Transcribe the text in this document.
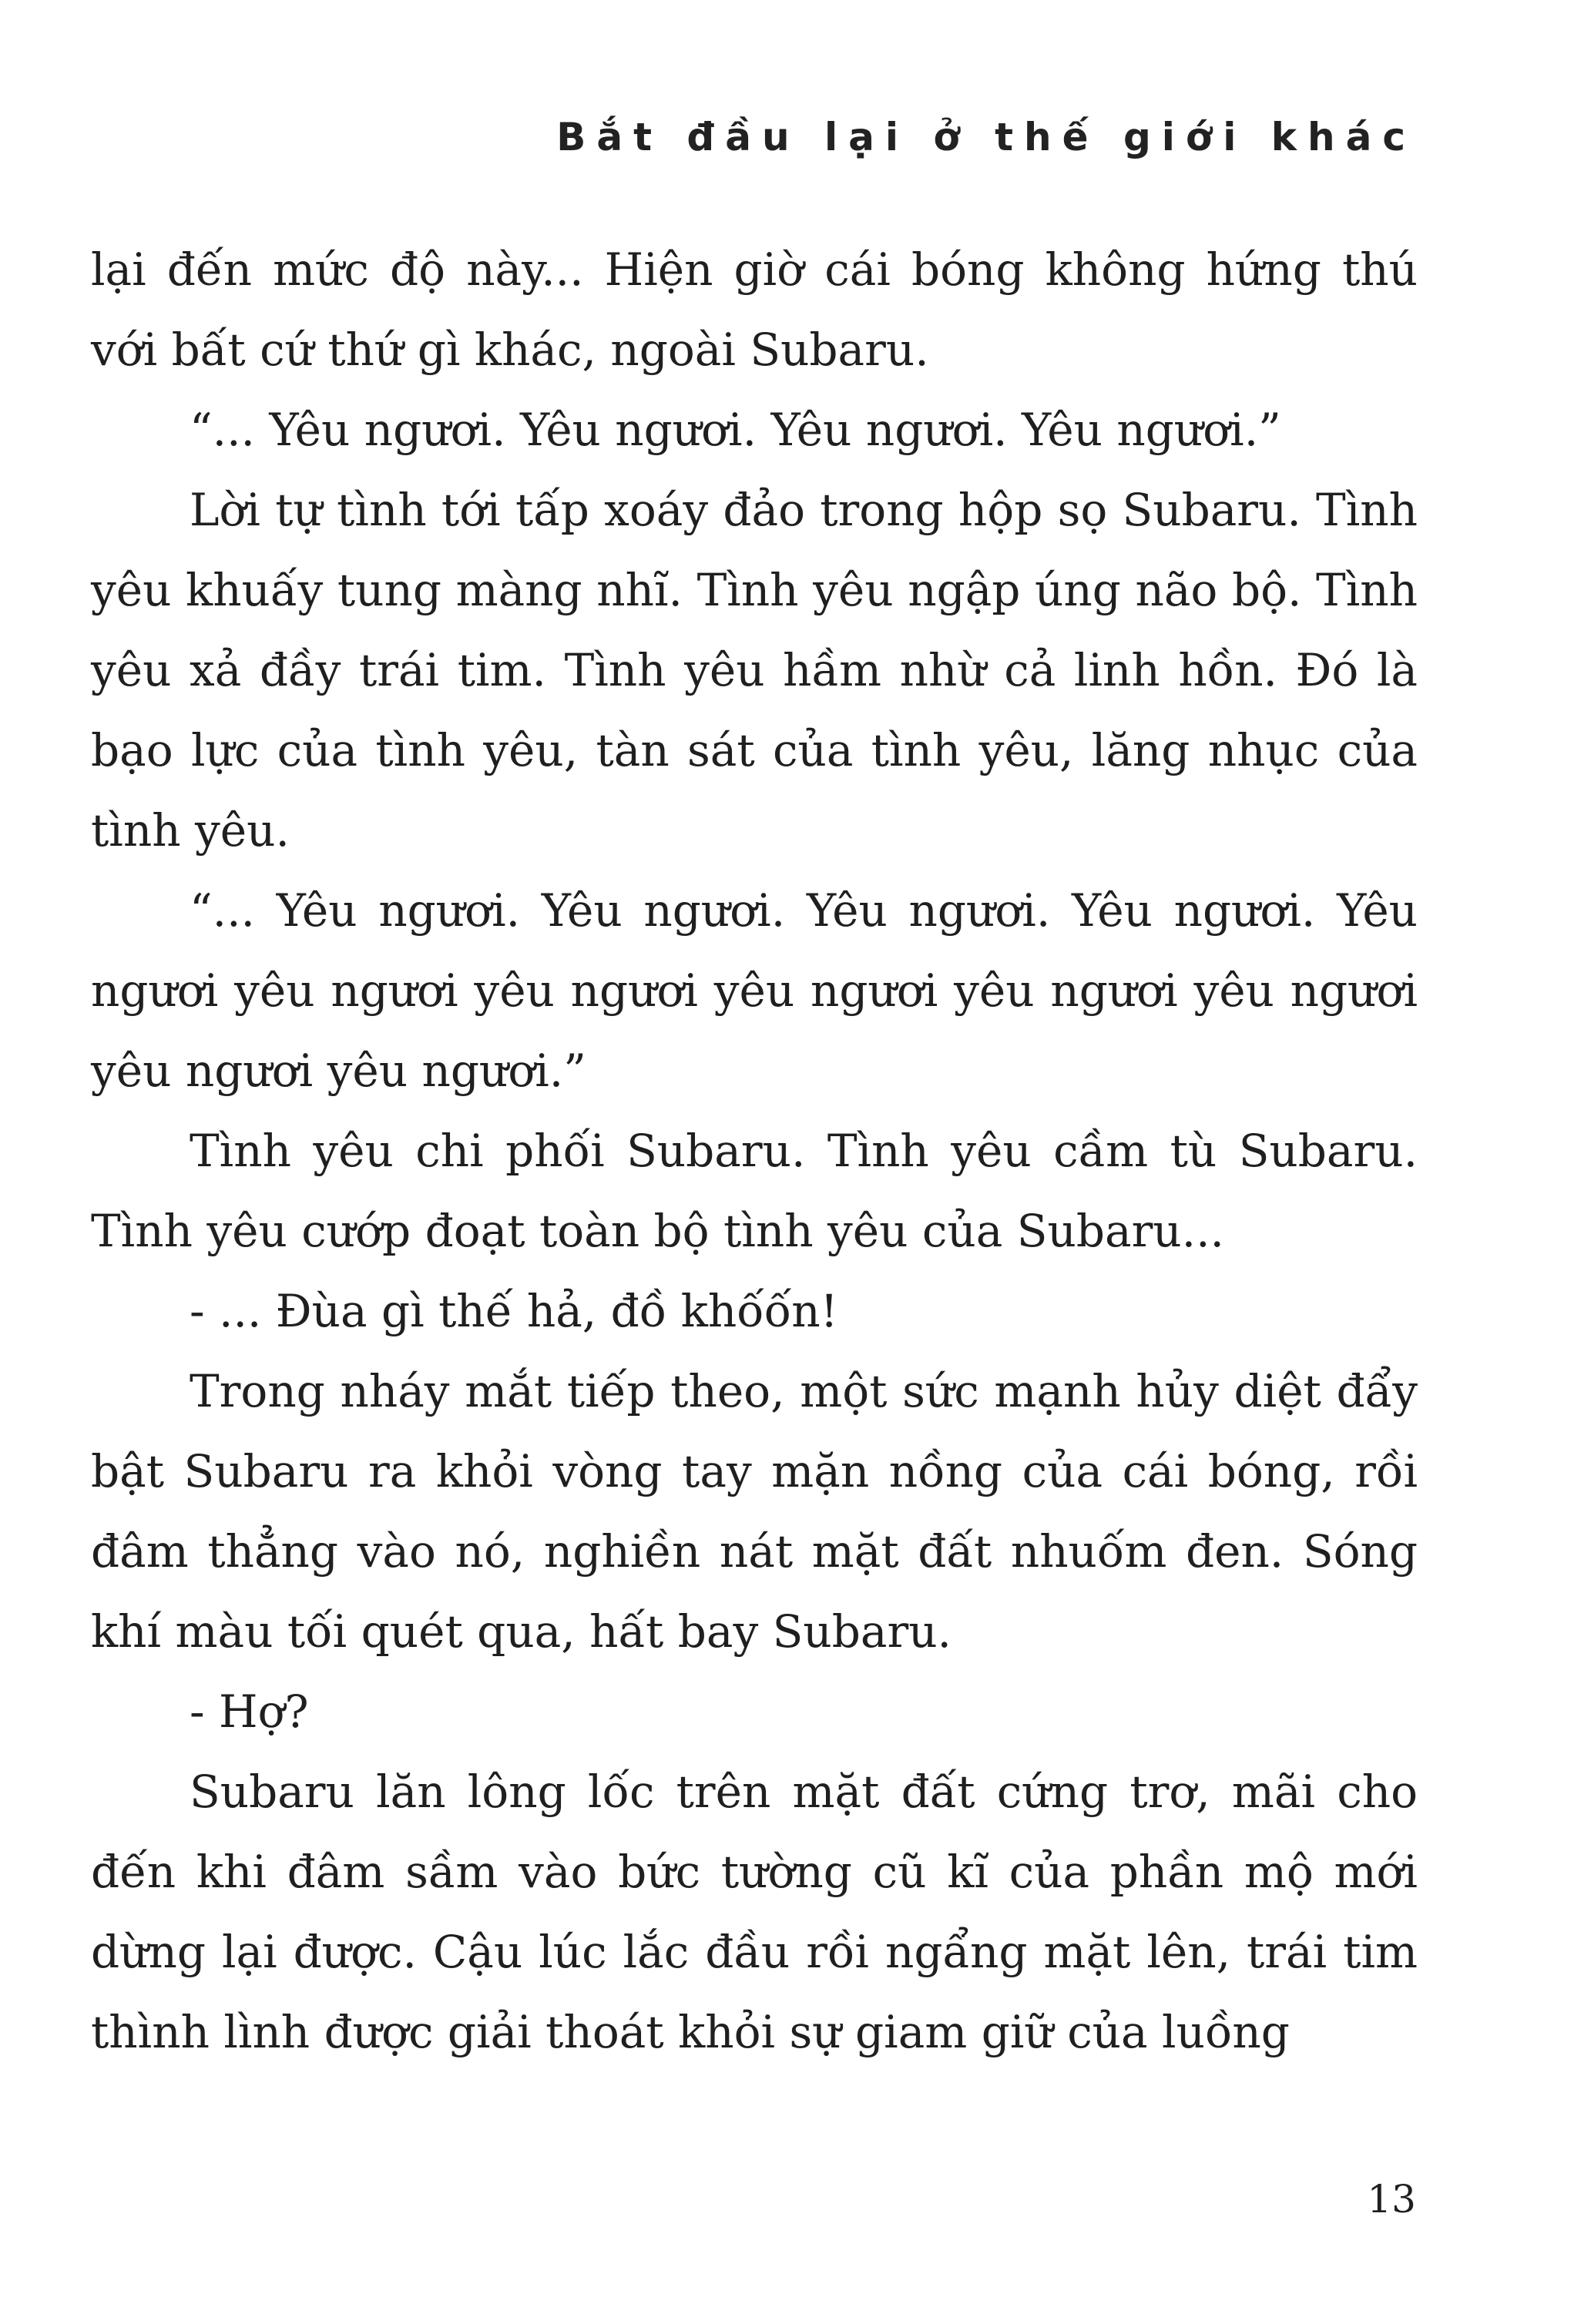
Bắt đầu lại ở thế giới khác

lại đến mức độ này... Hiện giờ cái bóng không hứng thú với bất cứ thứ gì khác, ngoài Subaru.

“... Yêu ngươi. Yêu ngươi. Yêu ngươi. Yêu ngươi.”

Lời tự tình tới tấp xoáy đảo trong hộp sọ Subaru. Tình yêu khuấy tung màng nhĩ. Tình yêu ngập úng não bộ. Tình yêu xả đầy trái tim. Tình yêu hầm nhừ cả linh hồn. Đó là bạo lực của tình yêu, tàn sát của tình yêu, lăng nhục của tình yêu.

“... Yêu ngươi. Yêu ngươi. Yêu ngươi. Yêu ngươi. Yêu ngươi yêu ngươi yêu ngươi yêu ngươi yêu ngươi yêu ngươi yêu ngươi yêu ngươi.”

Tình yêu chi phối Subaru. Tình yêu cầm tù Subaru. Tình yêu cướp đoạt toàn bộ tình yêu của Subaru...

- ... Đùa gì thế hả, đồ khốốn!

Trong nháy mắt tiếp theo, một sức mạnh hủy diệt đẩy bật Subaru ra khỏi vòng tay mặn nồng của cái bóng, rồi đâm thẳng vào nó, nghiền nát mặt đất nhuốm đen. Sóng khí màu tối quét qua, hất bay Subaru.

- Hợ?

Subaru lăn lông lốc trên mặt đất cứng trơ, mãi cho đến khi đâm sầm vào bức tường cũ kĩ của phần mộ mới dừng lại được. Cậu lúc lắc đầu rồi ngẩng mặt lên, trái tim thình lình được giải thoát khỏi sự giam giữ của luồng

13
